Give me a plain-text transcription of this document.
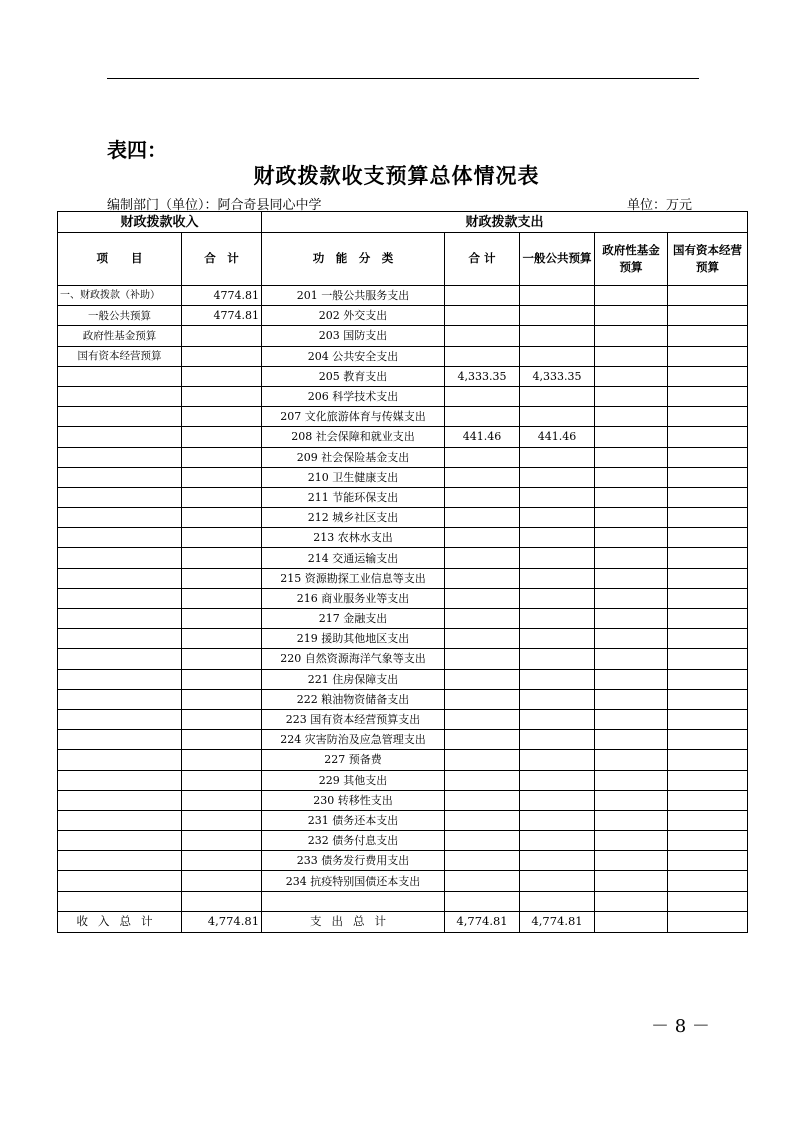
表四：
财政拨款收支预算总体情况表
编制部门（单位）：阿合奇县同心中学	单位：万元
财政拨款收入		财政拨款支出				
项　　目	合　计	功　能　分　类	合 计	一般公共预算	政府性基金预算	国有资本经营预算
一、财政拨款（补助）	4774.81	201 一般公共服务支出				
一般公共预算	4774.81	202 外交支出				
政府性基金预算		203 国防支出				
国有资本经营预算		204 公共安全支出				
		205 教育支出	4,333.35	4,333.35		
		206 科学技术支出				
		207 文化旅游体育与传媒支出				
		208 社会保障和就业支出	441.46	441.46		
		209 社会保险基金支出				
		210 卫生健康支出				
		211 节能环保支出				
		212 城乡社区支出				
		213 农林水支出				
		214 交通运输支出				
		215 资源勘探工业信息等支出				
		216 商业服务业等支出				
		217 金融支出				
		219 援助其他地区支出				
		220 自然资源海洋气象等支出				
		221 住房保障支出				
		222 粮油物资储备支出				
		223 国有资本经营预算支出				
		224 灾害防治及应急管理支出				
		227 预备费				
		229 其他支出				
		230 转移性支出				
		231 债务还本支出				
		232 债务付息支出				
		233 债务发行费用支出				
		234 抗疫特别国债还本支出				

收入总计	4,774.81	支出总计	4,774.81	4,774.81		
－ 8 －
